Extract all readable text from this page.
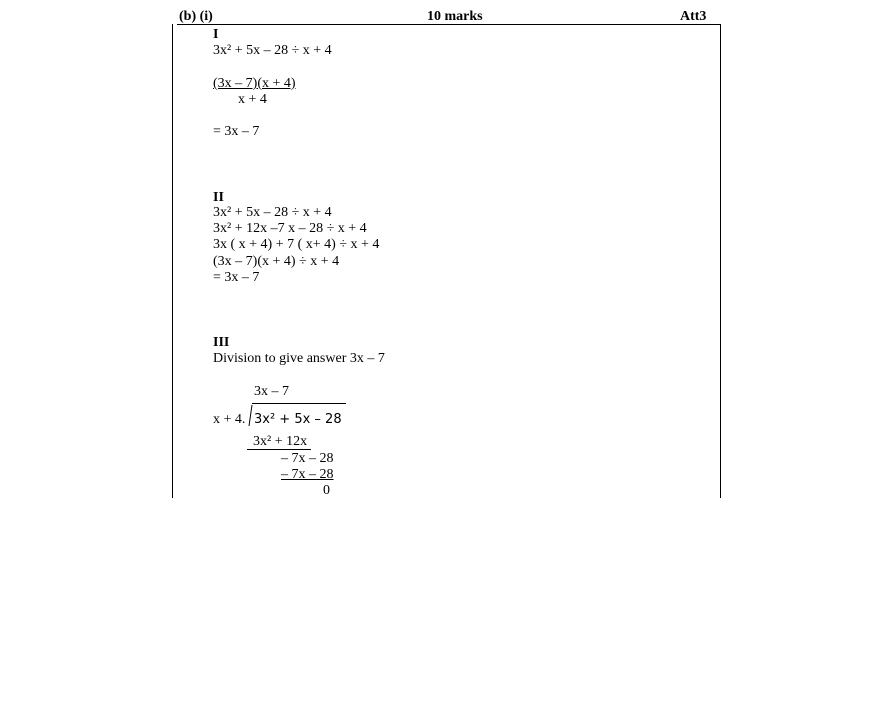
(b) (i)	10 marks	Att3
I
3x² + 5x – 28 ÷ x + 4
(3x – 7)(x + 4)
x + 4
= 3x – 7
II
3x² + 5x – 28 ÷ x + 4
3x² + 12x –7 x – 28 ÷ x + 4
3x ( x + 4) + 7 ( x+ 4) ÷ x + 4
(3x – 7)(x + 4) ÷ x + 4
= 3x – 7
III
Division to give answer 3x – 7
3x – 7
x + 4. 3x² + 5x – 28
3x² + 12x
– 7x – 28
– 7x – 28
0
